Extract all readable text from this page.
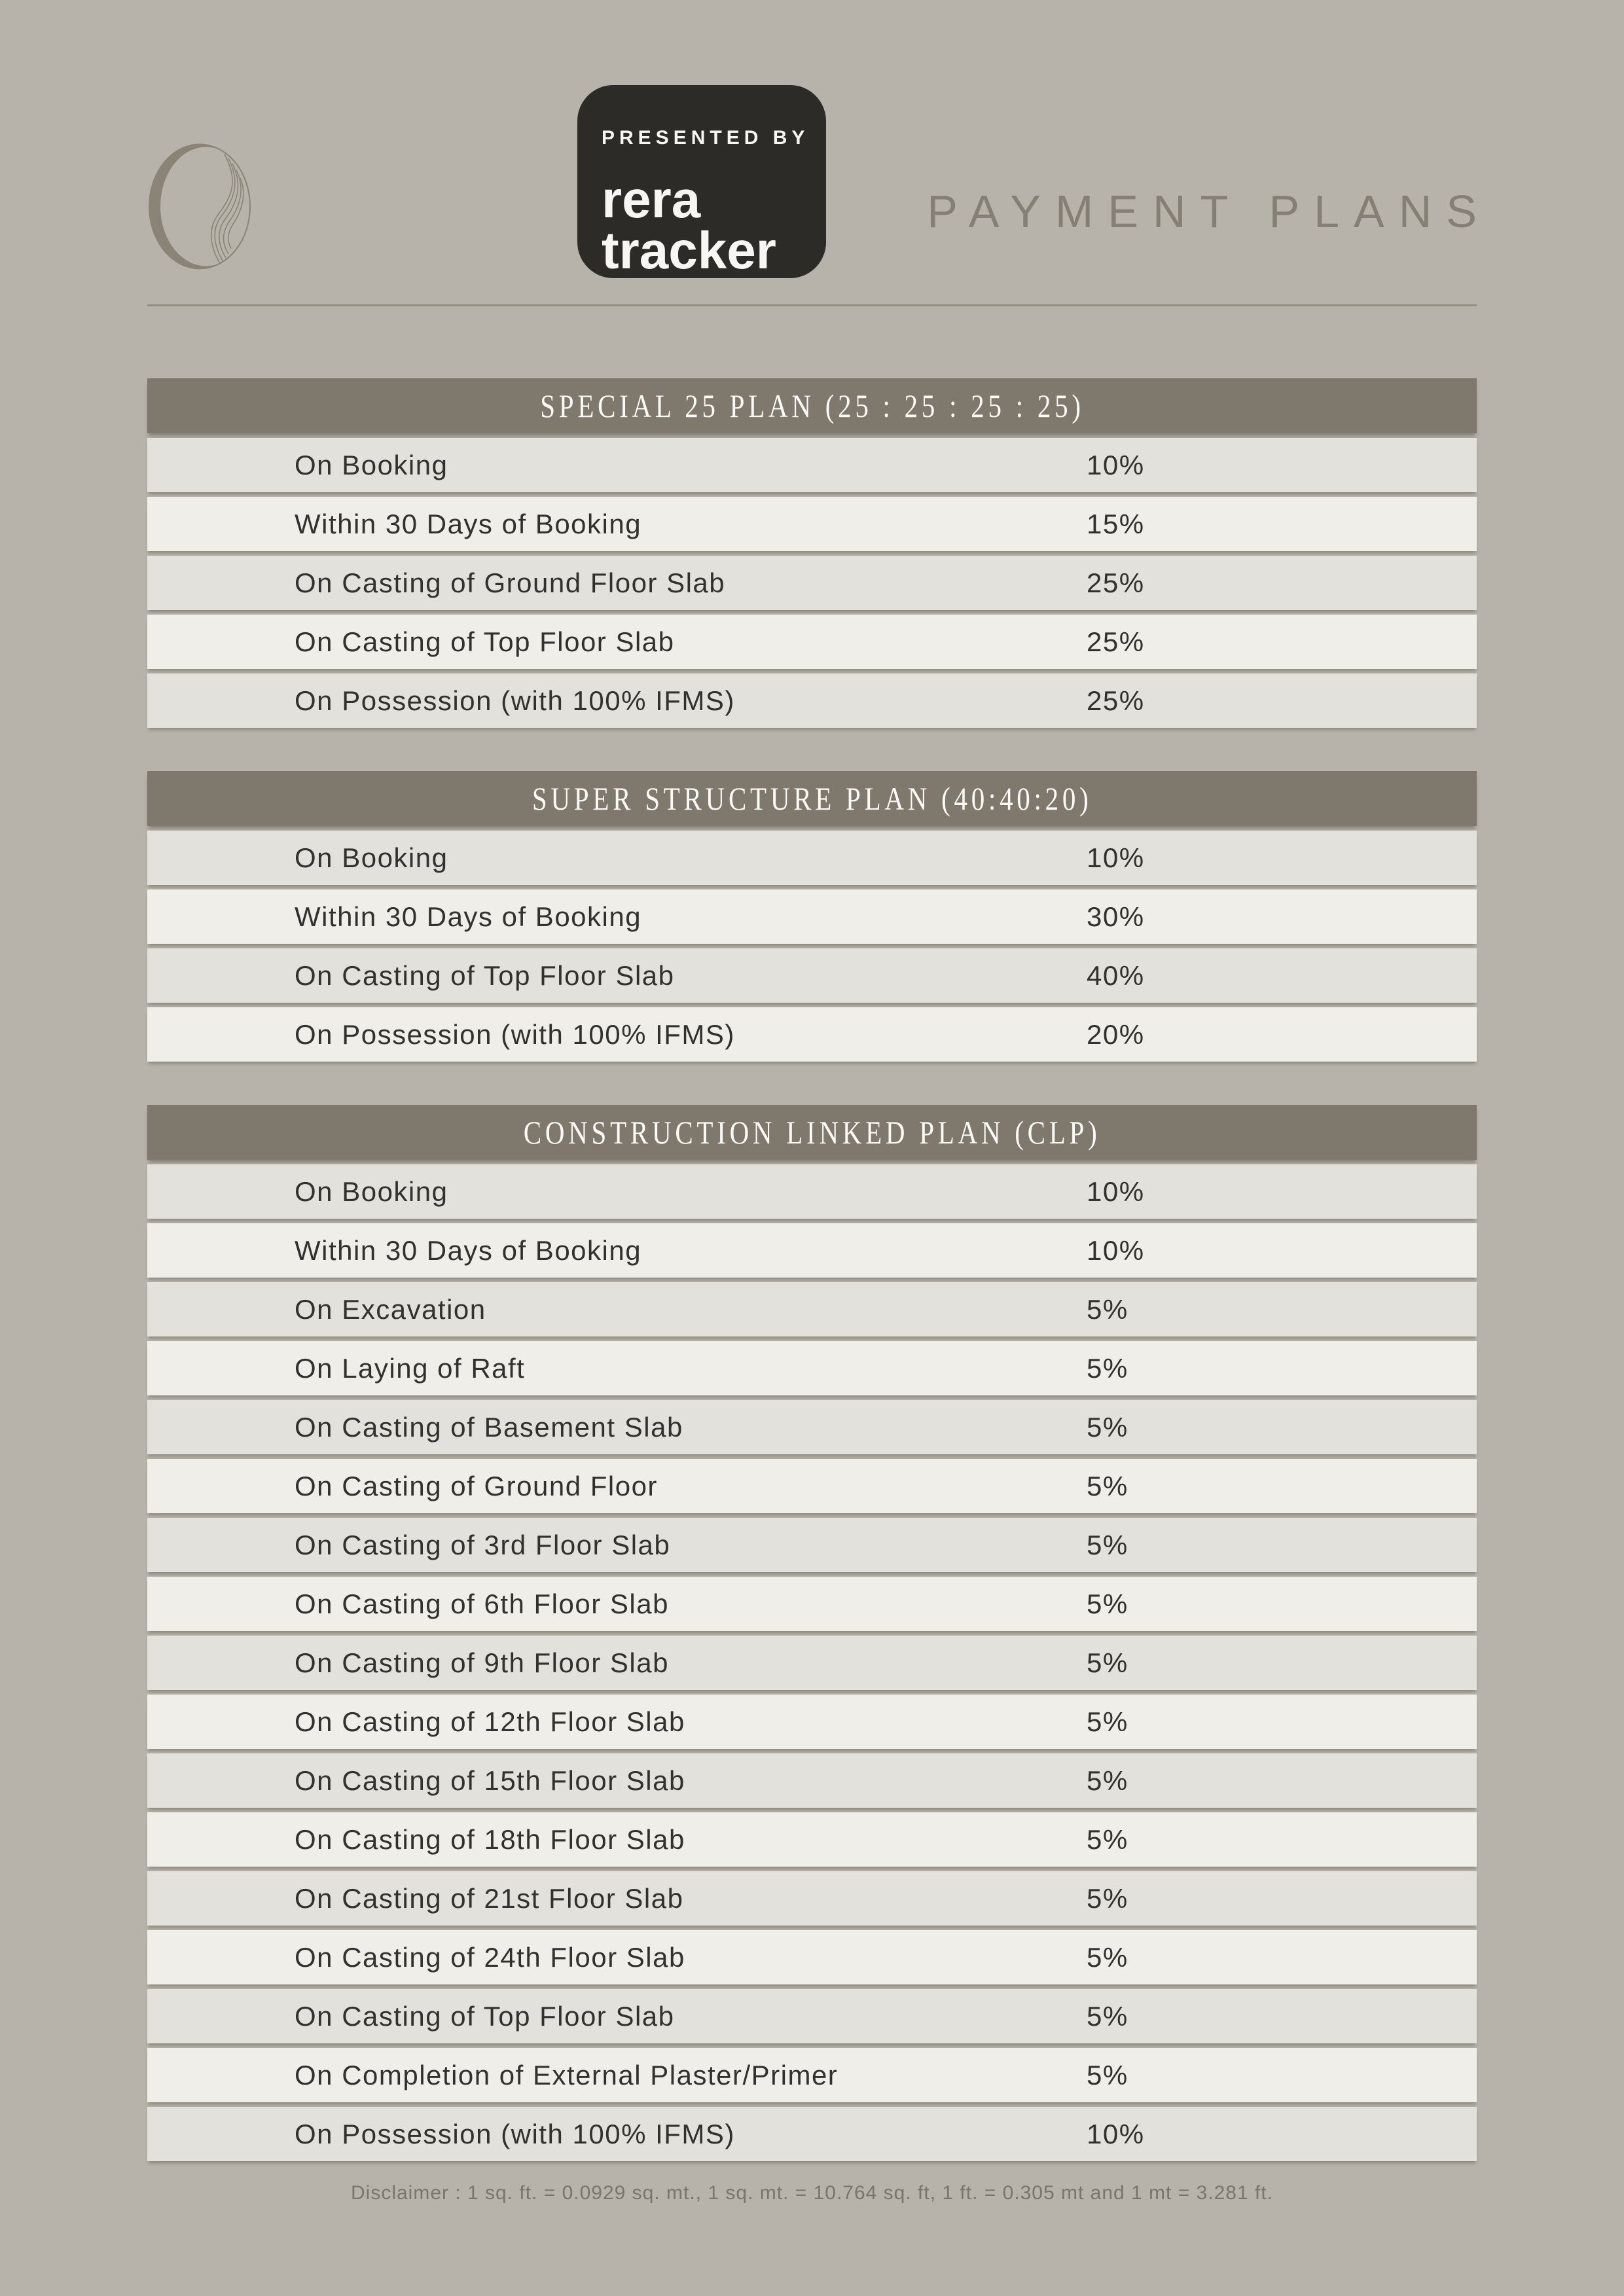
PRESENTED BY
rera
tracker
PAYMENT PLANS
SPECIAL 25 PLAN (25 : 25 : 25 : 25)
On Booking	10%
Within 30 Days of Booking	15%
On Casting of Ground Floor Slab	25%
On Casting of Top Floor Slab	25%
On Possession (with 100% IFMS)	25%
SUPER STRUCTURE PLAN (40:40:20)
On Booking	10%
Within 30 Days of Booking	30%
On Casting of Top Floor Slab	40%
On Possession (with 100% IFMS)	20%
CONSTRUCTION LINKED PLAN (CLP)
On Booking	10%
Within 30 Days of Booking	10%
On Excavation	5%
On Laying of Raft	5%
On Casting of Basement Slab	5%
On Casting of Ground Floor	5%
On Casting of 3rd Floor Slab	5%
On Casting of 6th Floor Slab	5%
On Casting of 9th Floor Slab	5%
On Casting of 12th Floor Slab	5%
On Casting of 15th Floor Slab	5%
On Casting of 18th Floor Slab	5%
On Casting of 21st Floor Slab	5%
On Casting of 24th Floor Slab	5%
On Casting of Top Floor Slab	5%
On Completion of External Plaster/Primer	5%
On Possession (with 100% IFMS)	10%

Disclaimer : 1 sq. ft. = 0.0929 sq. mt., 1 sq. mt. = 10.764 sq. ft, 1 ft. = 0.305 mt and 1 mt = 3.281 ft.
